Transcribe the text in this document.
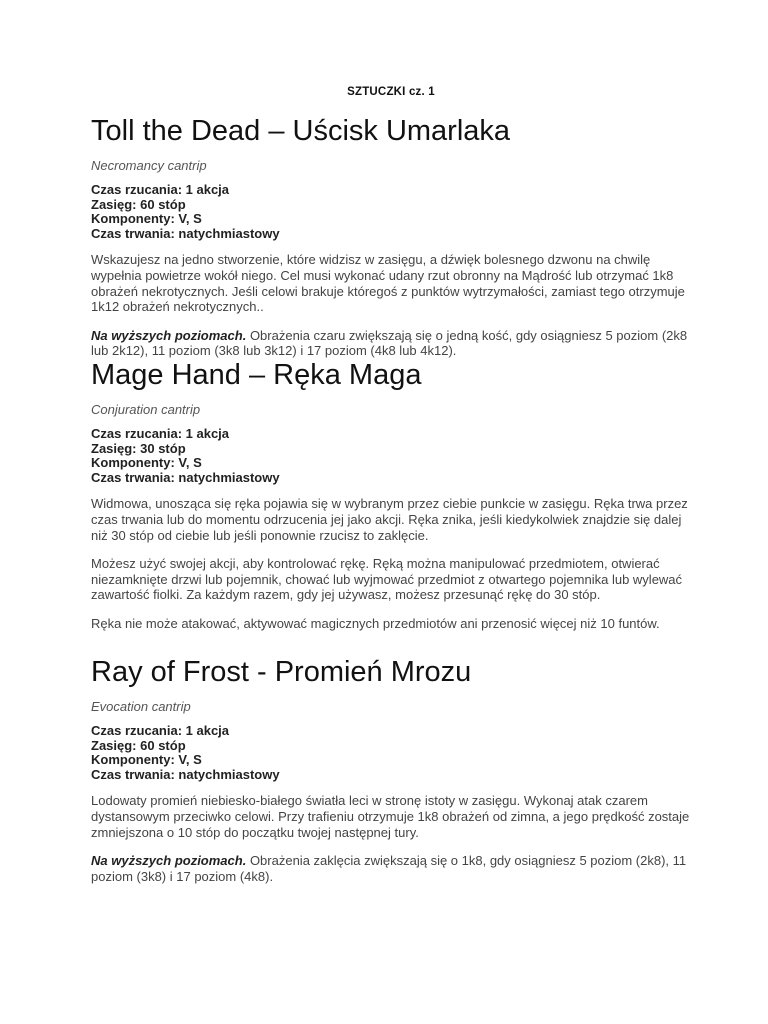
SZTUCZKI cz. 1
Toll the Dead – Uścisk Umarlaka
Necromancy cantrip
Czas rzucania: 1 akcja
Zasięg: 60 stóp
Komponenty: V, S
Czas trwania: natychmiastowy

Wskazujesz na jedno stworzenie, które widzisz w zasięgu, a dźwięk bolesnego dzwonu na chwilę wypełnia powietrze wokół niego. Cel musi wykonać udany rzut obronny na Mądrość lub otrzymać 1k8 obrażeń nekrotycznych. Jeśli celowi brakuje któregoś z punktów wytrzymałości, zamiast tego otrzymuje 1k12 obrażeń nekrotycznych..

Na wyższych poziomach. Obrażenia czaru zwiększają się o jedną kość, gdy osiągniesz 5 poziom (2k8 lub 2k12), 11 poziom (3k8 lub 3k12) i 17 poziom (4k8 lub 4k12).

Mage Hand – Ręka Maga
Conjuration cantrip
Czas rzucania: 1 akcja
Zasięg: 30 stóp
Komponenty: V, S
Czas trwania: natychmiastowy

Widmowa, unosząca się ręka pojawia się w wybranym przez ciebie punkcie w zasięgu. Ręka trwa przez czas trwania lub do momentu odrzucenia jej jako akcji. Ręka znika, jeśli kiedykolwiek znajdzie się dalej niż 30 stóp od ciebie lub jeśli ponownie rzucisz to zaklęcie.

Możesz użyć swojej akcji, aby kontrolować rękę. Ręką można manipulować przedmiotem, otwierać niezamknięte drzwi lub pojemnik, chować lub wyjmować przedmiot z otwartego pojemnika lub wylewać zawartość fiolki. Za każdym razem, gdy jej używasz, możesz przesunąć rękę do 30 stóp.

Ręka nie może atakować, aktywować magicznych przedmiotów ani przenosić więcej niż 10 funtów.

Ray of Frost - Promień Mrozu
Evocation cantrip
Czas rzucania: 1 akcja
Zasięg: 60 stóp
Komponenty: V, S
Czas trwania: natychmiastowy

Lodowaty promień niebiesko-białego światła leci w stronę istoty w zasięgu. Wykonaj atak czarem dystansowym przeciwko celowi. Przy trafieniu otrzymuje 1k8 obrażeń od zimna, a jego prędkość zostaje zmniejszona o 10 stóp do początku twojej następnej tury.

Na wyższych poziomach. Obrażenia zaklęcia zwiększają się o 1k8, gdy osiągniesz 5 poziom (2k8), 11 poziom (3k8) i 17 poziom (4k8).
